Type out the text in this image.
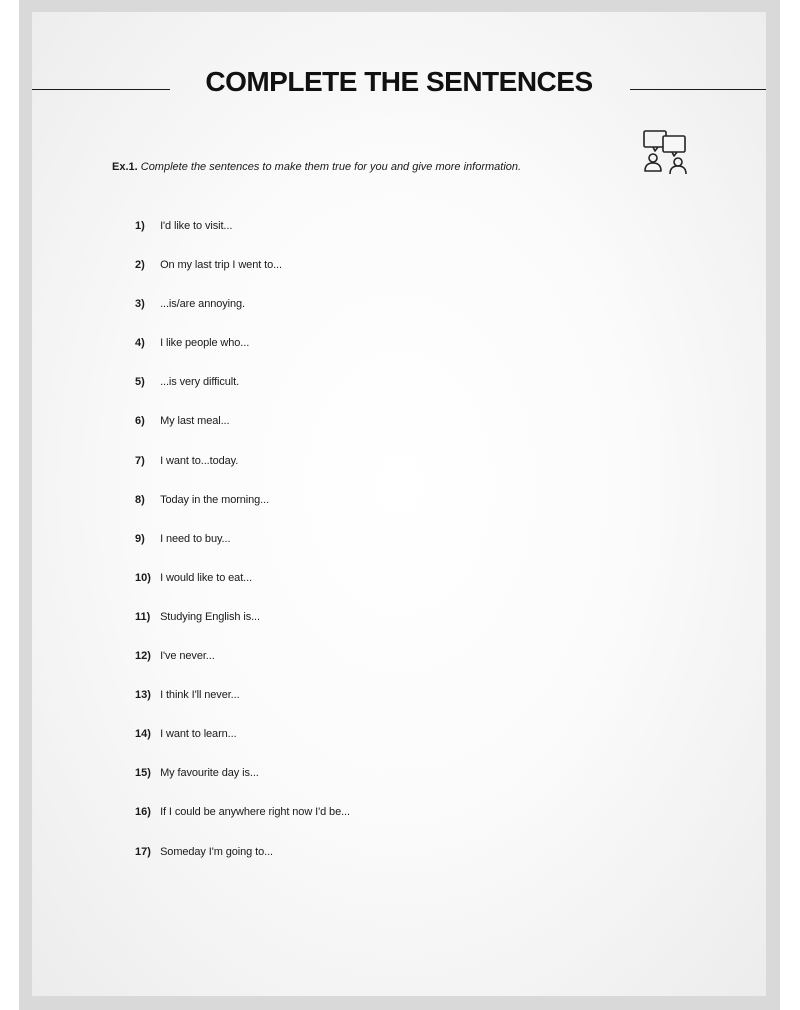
COMPLETE THE SENTENCES

Ex.1. Complete the sentences to make them true for you and give more information.

1) I'd like to visit...
2) On my last trip I went to...
3) ...is/are annoying.
4) I like people who...
5) ...is very difficult.
6) My last meal...
7) I want to...today.
8) Today in the morning...
9) I need to buy...
10) I would like to eat...
11) Studying English is...
12) I've never...
13) I think I'll never...
14) I want to learn...
15) My favourite day is...
16) If I could be anywhere right now I'd be...
17) Someday I'm going to...
